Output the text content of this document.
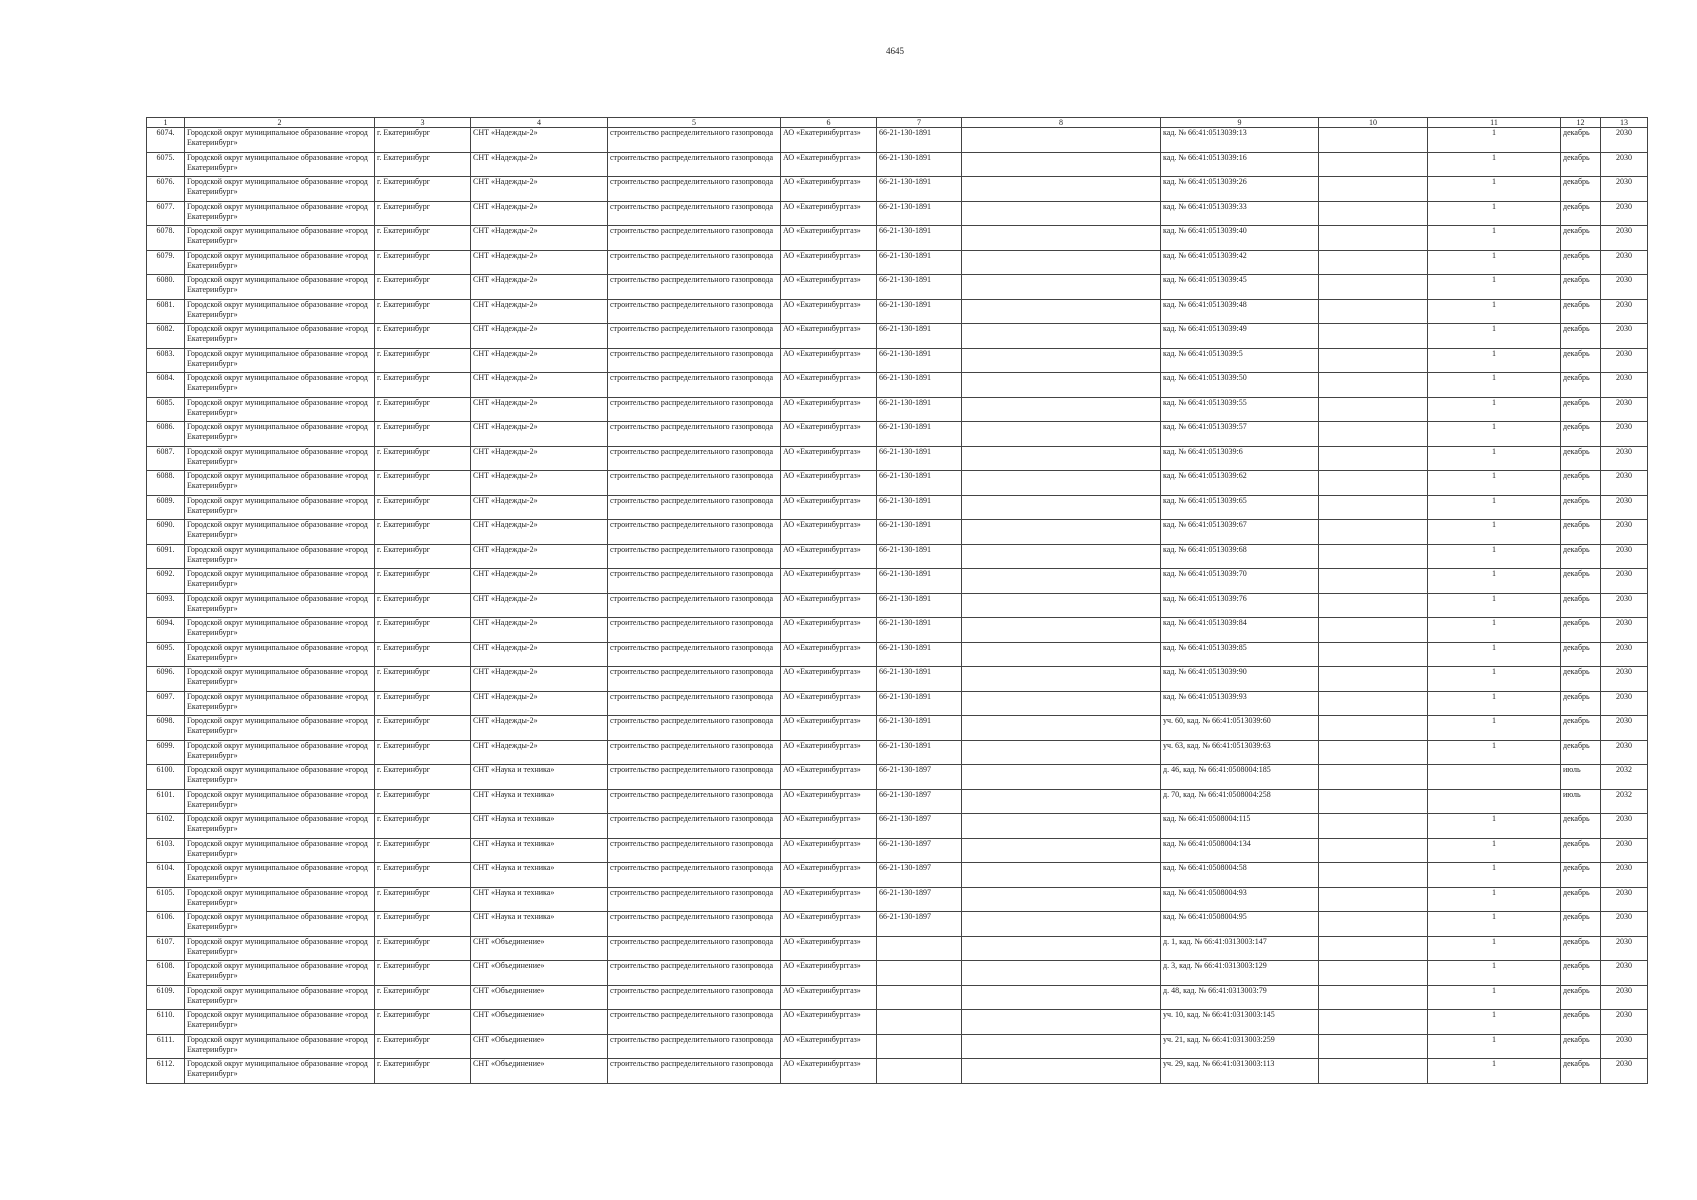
4645
1	2	3	4	5	6	7	8	9	10	11	12	13
6074.	Городской округ муниципальное образование «город Екатеринбург»	г. Екатеринбург	СНТ «Надежды-2»	строительство распределительного газопровода	АО «Екатеринбурггаз»	66-21-130-1891		кад. № 66:41:0513039:13		1	декабрь	2030
6075.	Городской округ муниципальное образование «город Екатеринбург»	г. Екатеринбург	СНТ «Надежды-2»	строительство распределительного газопровода	АО «Екатеринбурггаз»	66-21-130-1891		кад. № 66:41:0513039:16		1	декабрь	2030
6076.	Городской округ муниципальное образование «город Екатеринбург»	г. Екатеринбург	СНТ «Надежды-2»	строительство распределительного газопровода	АО «Екатеринбурггаз»	66-21-130-1891		кад. № 66:41:0513039:26		1	декабрь	2030
6077.	Городской округ муниципальное образование «город Екатеринбург»	г. Екатеринбург	СНТ «Надежды-2»	строительство распределительного газопровода	АО «Екатеринбурггаз»	66-21-130-1891		кад. № 66:41:0513039:33		1	декабрь	2030
6078.	Городской округ муниципальное образование «город Екатеринбург»	г. Екатеринбург	СНТ «Надежды-2»	строительство распределительного газопровода	АО «Екатеринбурггаз»	66-21-130-1891		кад. № 66:41:0513039:40		1	декабрь	2030
6079.	Городской округ муниципальное образование «город Екатеринбург»	г. Екатеринбург	СНТ «Надежды-2»	строительство распределительного газопровода	АО «Екатеринбурггаз»	66-21-130-1891		кад. № 66:41:0513039:42		1	декабрь	2030
6080.	Городской округ муниципальное образование «город Екатеринбург»	г. Екатеринбург	СНТ «Надежды-2»	строительство распределительного газопровода	АО «Екатеринбурггаз»	66-21-130-1891		кад. № 66:41:0513039:45		1	декабрь	2030
6081.	Городской округ муниципальное образование «город Екатеринбург»	г. Екатеринбург	СНТ «Надежды-2»	строительство распределительного газопровода	АО «Екатеринбурггаз»	66-21-130-1891		кад. № 66:41:0513039:48		1	декабрь	2030
6082.	Городской округ муниципальное образование «город Екатеринбург»	г. Екатеринбург	СНТ «Надежды-2»	строительство распределительного газопровода	АО «Екатеринбурггаз»	66-21-130-1891		кад. № 66:41:0513039:49		1	декабрь	2030
6083.	Городской округ муниципальное образование «город Екатеринбург»	г. Екатеринбург	СНТ «Надежды-2»	строительство распределительного газопровода	АО «Екатеринбурггаз»	66-21-130-1891		кад. № 66:41:0513039:5		1	декабрь	2030
6084.	Городской округ муниципальное образование «город Екатеринбург»	г. Екатеринбург	СНТ «Надежды-2»	строительство распределительного газопровода	АО «Екатеринбурггаз»	66-21-130-1891		кад. № 66:41:0513039:50		1	декабрь	2030
6085.	Городской округ муниципальное образование «город Екатеринбург»	г. Екатеринбург	СНТ «Надежды-2»	строительство распределительного газопровода	АО «Екатеринбурггаз»	66-21-130-1891		кад. № 66:41:0513039:55		1	декабрь	2030
6086.	Городской округ муниципальное образование «город Екатеринбург»	г. Екатеринбург	СНТ «Надежды-2»	строительство распределительного газопровода	АО «Екатеринбурггаз»	66-21-130-1891		кад. № 66:41:0513039:57		1	декабрь	2030
6087.	Городской округ муниципальное образование «город Екатеринбург»	г. Екатеринбург	СНТ «Надежды-2»	строительство распределительного газопровода	АО «Екатеринбурггаз»	66-21-130-1891		кад. № 66:41:0513039:6		1	декабрь	2030
6088.	Городской округ муниципальное образование «город Екатеринбург»	г. Екатеринбург	СНТ «Надежды-2»	строительство распределительного газопровода	АО «Екатеринбурггаз»	66-21-130-1891		кад. № 66:41:0513039:62		1	декабрь	2030
6089.	Городской округ муниципальное образование «город Екатеринбург»	г. Екатеринбург	СНТ «Надежды-2»	строительство распределительного газопровода	АО «Екатеринбурггаз»	66-21-130-1891		кад. № 66:41:0513039:65		1	декабрь	2030
6090.	Городской округ муниципальное образование «город Екатеринбург»	г. Екатеринбург	СНТ «Надежды-2»	строительство распределительного газопровода	АО «Екатеринбурггаз»	66-21-130-1891		кад. № 66:41:0513039:67		1	декабрь	2030
6091.	Городской округ муниципальное образование «город Екатеринбург»	г. Екатеринбург	СНТ «Надежды-2»	строительство распределительного газопровода	АО «Екатеринбурггаз»	66-21-130-1891		кад. № 66:41:0513039:68		1	декабрь	2030
6092.	Городской округ муниципальное образование «город Екатеринбург»	г. Екатеринбург	СНТ «Надежды-2»	строительство распределительного газопровода	АО «Екатеринбурггаз»	66-21-130-1891		кад. № 66:41:0513039:70		1	декабрь	2030
6093.	Городской округ муниципальное образование «город Екатеринбург»	г. Екатеринбург	СНТ «Надежды-2»	строительство распределительного газопровода	АО «Екатеринбурггаз»	66-21-130-1891		кад. № 66:41:0513039:76		1	декабрь	2030
6094.	Городской округ муниципальное образование «город Екатеринбург»	г. Екатеринбург	СНТ «Надежды-2»	строительство распределительного газопровода	АО «Екатеринбурггаз»	66-21-130-1891		кад. № 66:41:0513039:84		1	декабрь	2030
6095.	Городской округ муниципальное образование «город Екатеринбург»	г. Екатеринбург	СНТ «Надежды-2»	строительство распределительного газопровода	АО «Екатеринбурггаз»	66-21-130-1891		кад. № 66:41:0513039:85		1	декабрь	2030
6096.	Городской округ муниципальное образование «город Екатеринбург»	г. Екатеринбург	СНТ «Надежды-2»	строительство распределительного газопровода	АО «Екатеринбурггаз»	66-21-130-1891		кад. № 66:41:0513039:90		1	декабрь	2030
6097.	Городской округ муниципальное образование «город Екатеринбург»	г. Екатеринбург	СНТ «Надежды-2»	строительство распределительного газопровода	АО «Екатеринбурггаз»	66-21-130-1891		кад. № 66:41:0513039:93		1	декабрь	2030
6098.	Городской округ муниципальное образование «город Екатеринбург»	г. Екатеринбург	СНТ «Надежды-2»	строительство распределительного газопровода	АО «Екатеринбурггаз»	66-21-130-1891		уч. 60, кад. № 66:41:0513039:60		1	декабрь	2030
6099.	Городской округ муниципальное образование «город Екатеринбург»	г. Екатеринбург	СНТ «Надежды-2»	строительство распределительного газопровода	АО «Екатеринбурггаз»	66-21-130-1891		уч. 63, кад. № 66:41:0513039:63		1	декабрь	2030
6100.	Городской округ муниципальное образование «город Екатеринбург»	г. Екатеринбург	СНТ «Наука и техника»	строительство распределительного газопровода	АО «Екатеринбурггаз»	66-21-130-1897		д. 46, кад. № 66:41:0508004:185			июль	2032
6101.	Городской округ муниципальное образование «город Екатеринбург»	г. Екатеринбург	СНТ «Наука и техника»	строительство распределительного газопровода	АО «Екатеринбурггаз»	66-21-130-1897		д. 70, кад. № 66:41:0508004:258			июль	2032
6102.	Городской округ муниципальное образование «город Екатеринбург»	г. Екатеринбург	СНТ «Наука и техника»	строительство распределительного газопровода	АО «Екатеринбурггаз»	66-21-130-1897		кад. № 66:41:0508004:115		1	декабрь	2030
6103.	Городской округ муниципальное образование «город Екатеринбург»	г. Екатеринбург	СНТ «Наука и техника»	строительство распределительного газопровода	АО «Екатеринбурггаз»	66-21-130-1897		кад. № 66:41:0508004:134		1	декабрь	2030
6104.	Городской округ муниципальное образование «город Екатеринбург»	г. Екатеринбург	СНТ «Наука и техника»	строительство распределительного газопровода	АО «Екатеринбурггаз»	66-21-130-1897		кад. № 66:41:0508004:58		1	декабрь	2030
6105.	Городской округ муниципальное образование «город Екатеринбург»	г. Екатеринбург	СНТ «Наука и техника»	строительство распределительного газопровода	АО «Екатеринбурггаз»	66-21-130-1897		кад. № 66:41:0508004:93		1	декабрь	2030
6106.	Городской округ муниципальное образование «город Екатеринбург»	г. Екатеринбург	СНТ «Наука и техника»	строительство распределительного газопровода	АО «Екатеринбурггаз»	66-21-130-1897		кад. № 66:41:0508004:95		1	декабрь	2030
6107.	Городской округ муниципальное образование «город Екатеринбург»	г. Екатеринбург	СНТ «Объединение»	строительство распределительного газопровода	АО «Екатеринбурггаз»			д. 1, кад. № 66:41:0313003:147		1	декабрь	2030
6108.	Городской округ муниципальное образование «город Екатеринбург»	г. Екатеринбург	СНТ «Объединение»	строительство распределительного газопровода	АО «Екатеринбурггаз»			д. 3, кад. № 66:41:0313003:129		1	декабрь	2030
6109.	Городской округ муниципальное образование «город Екатеринбург»	г. Екатеринбург	СНТ «Объединение»	строительство распределительного газопровода	АО «Екатеринбурггаз»			д. 48, кад. № 66:41:0313003:79		1	декабрь	2030
6110.	Городской округ муниципальное образование «город Екатеринбург»	г. Екатеринбург	СНТ «Объединение»	строительство распределительного газопровода	АО «Екатеринбурггаз»			уч. 10, кад. № 66:41:0313003:145		1	декабрь	2030
6111.	Городской округ муниципальное образование «город Екатеринбург»	г. Екатеринбург	СНТ «Объединение»	строительство распределительного газопровода	АО «Екатеринбурггаз»			уч. 21, кад. № 66:41:0313003:259		1	декабрь	2030
6112.	Городской округ муниципальное образование «город Екатеринбург»	г. Екатеринбург	СНТ «Объединение»	строительство распределительного газопровода	АО «Екатеринбурггаз»			уч. 29, кад. № 66:41:0313003:113		1	декабрь	2030
